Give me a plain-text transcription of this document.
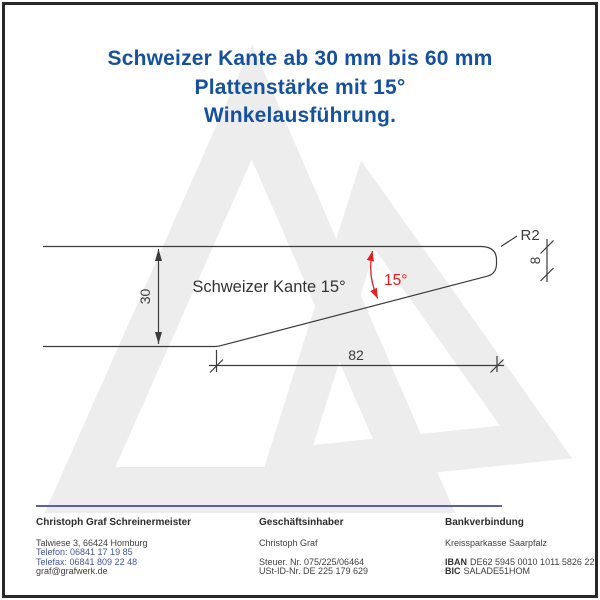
Schweizer Kante ab 30 mm bis 60 mm
Plattenstärke mit 15°
Winkelausführung.
Schweizer Kante 15°
30
82
8
R2
15°
Christoph Graf Schreinermeister
Talwiese 3, 66424 Homburg
Telefon: 06841 17 19 85
Telefax: 06841 809 22 48
graf@grafwerk.de
Geschäftsinhaber
Christoph Graf
Steuer. Nr. 075/225/06464
USt-ID-Nr. DE 225 179 629
Bankverbindung
Kreissparkasse Saarpfalz
IBAN DE62 5945 0010 1011 5826 22
BIC SALADE51HOM
